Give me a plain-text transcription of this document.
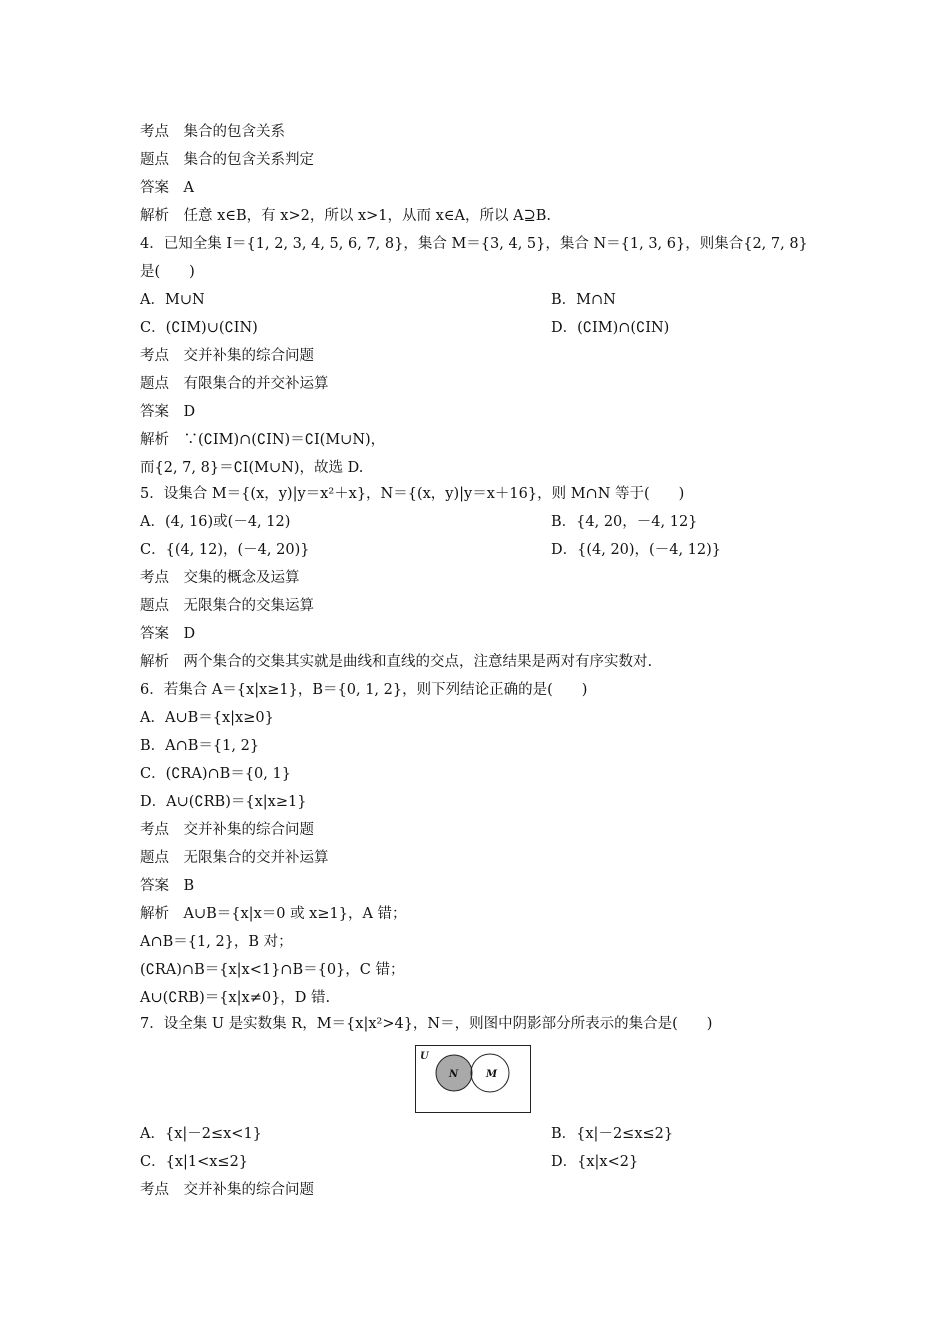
考点　集合的包含关系
题点　集合的包含关系判定
答案　A
解析　任意 x∈B，有 x>2，所以 x>1，从而 x∈A，所以 A⊇B.
4．已知全集 I＝{1, 2, 3, 4, 5, 6, 7, 8}，集合 M＝{3, 4, 5}，集合 N＝{1, 3, 6}，则集合{2, 7, 8}
是(　　)
A．M∪N	B．M∩N
C．(∁IM)∪(∁IN)	D．(∁IM)∩(∁IN)
考点　交并补集的综合问题
题点　有限集合的并交补运算
答案　D
解析　∵(∁IM)∩(∁IN)＝∁I(M∪N)，
而{2, 7, 8}＝∁I(M∪N)，故选 D.
5．设集合 M＝{(x，y)|y＝x²＋x}，N＝{(x，y)|y＝x＋16}，则 M∩N 等于(　　)
A．(4, 16)或(－4, 12)	B．{4, 20，－4, 12}
C．{(4, 12)，(－4, 20)}	D．{(4, 20)，(－4, 12)}
考点　交集的概念及运算
题点　无限集合的交集运算
答案　D
解析　两个集合的交集其实就是曲线和直线的交点，注意结果是两对有序实数对.
6．若集合 A＝{x|x≥1}，B＝{0, 1, 2}，则下列结论正确的是(　　)
A．A∪B＝{x|x≥0}
B．A∩B＝{1, 2}
C．(∁RA)∩B＝{0, 1}
D．A∪(∁RB)＝{x|x≥1}
考点　交并补集的综合问题
题点　无限集合的交并补运算
答案　B
解析　A∪B＝{x|x＝0 或 x≥1}，A 错；
A∩B＝{1, 2}，B 对；
(∁RA)∩B＝{x|x<1}∩B＝{0}，C 错；
A∪(∁RB)＝{x|x≠0}，D 错.
7．设全集 U 是实数集 R，M＝{x|x²>4}，N＝，则图中阴影部分所表示的集合是(　　)
U
N	M
A．{x|－2≤x<1}	B．{x|－2≤x≤2}
C．{x|1<x≤2}	D．{x|x<2}
考点　交并补集的综合问题
